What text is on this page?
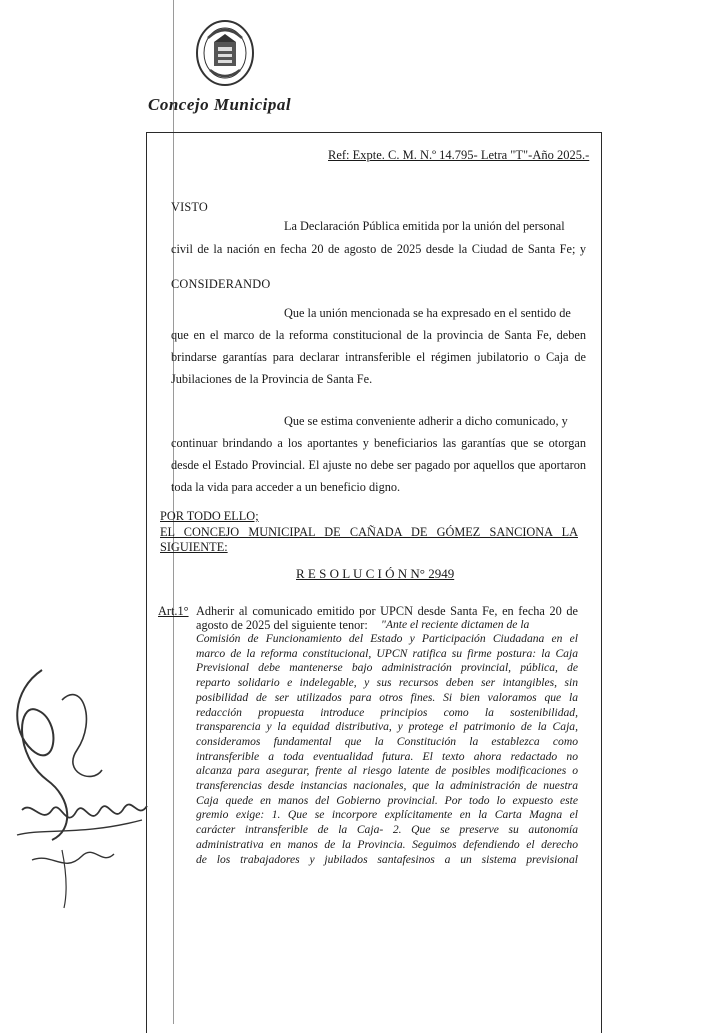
Concejo Municipal
Ref: Expte. C. M. N.º 14.795- Letra "T"-Año 2025.-
VISTO
La Declaración Pública emitida por la unión del personal
civil de la nación en fecha 20 de agosto de 2025 desde la Ciudad de Santa Fe; y
CONSIDERANDO
Que la unión mencionada se ha expresado en el sentido de
que en el marco de la reforma constitucional de la provincia de Santa Fe, deben
brindarse garantías para declarar intransferible el régimen jubilatorio o Caja de
Jubilaciones de la Provincia de Santa Fe.
Que se estima conveniente adherir a dicho comunicado, y
continuar brindando a los aportantes y beneficiarios las garantías que se otorgan
desde el Estado Provincial. El ajuste no debe ser pagado por aquellos que aportaron
toda la vida para acceder a un beneficio digno.
POR TODO ELLO;
EL CONCEJO MUNICIPAL DE CAÑADA DE GÓMEZ SANCIONA LA
SIGUIENTE:
R E S O L U C I Ó N N° 2949
Art.1° Adherir al comunicado emitido por UPCN desde Santa Fe, en fecha 20 de
agosto de 2025 del siguiente tenor:	"Ante el reciente dictamen de la
Comisión de Funcionamiento del Estado y Participación Ciudadana en el
marco de la reforma constitucional, UPCN ratifica su firme postura: la Caja
Previsional debe mantenerse bajo administración provincial, pública, de
reparto solidario e indelegable, y sus recursos deben ser intangibles, sin
posibilidad de ser utilizados para otros fines. Si bien valoramos que la
redacción propuesta introduce principios como la sostenibilidad,
transparencia y la equidad distributiva, y protege el patrimonio de la Caja,
consideramos fundamental que la Constitución la establezca como
intransferible a toda eventualidad futura. El texto ahora redactado no
alcanza para asegurar, frente al riesgo latente de posibles modificaciones o
transferencias desde instancias nacionales, que la administración de nuestra
Caja quede en manos del Gobierno provincial. Por todo lo expuesto este
gremio exige: 1. Que se incorpore explícitamente en la Carta Magna el
carácter intransferible de la Caja- 2. Que se preserve su autonomía
administrativa en manos de la Provincia. Seguimos defendiendo el derecho
de los trabajadores y jubilados santafesinos a un sistema previsional
